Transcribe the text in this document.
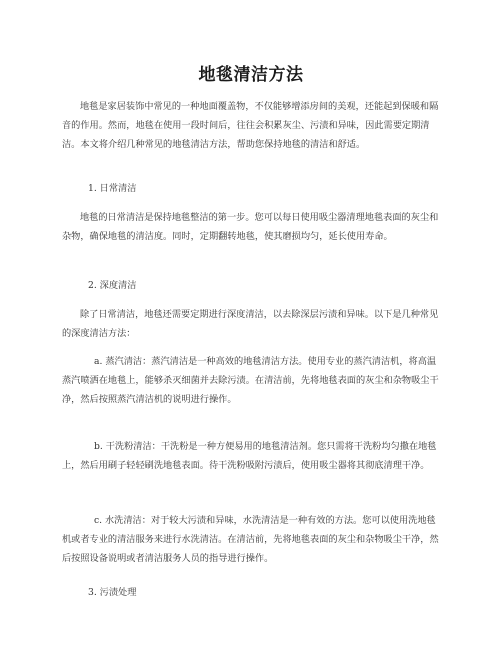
地毯清洁方法
地毯是家居装饰中常见的一种地面覆盖物，不仅能够增添房间的美观，还能起到保暖和隔音的作用。然而，地毯在使用一段时间后，往往会积累灰尘、污渍和异味，因此需要定期清洁。本文将介绍几种常见的地毯清洁方法，帮助您保持地毯的清洁和舒适。
1. 日常清洁
地毯的日常清洁是保持地毯整洁的第一步。您可以每日使用吸尘器清理地毯表面的灰尘和杂物，确保地毯的清洁度。同时，定期翻转地毯，使其磨损均匀，延长使用寿命。
2. 深度清洁
除了日常清洁，地毯还需要定期进行深度清洁，以去除深层污渍和异味。以下是几种常见的深度清洁方法：
a. 蒸汽清洁：蒸汽清洁是一种高效的地毯清洁方法。使用专业的蒸汽清洁机，将高温蒸汽喷洒在地毯上，能够杀灭细菌并去除污渍。在清洁前，先将地毯表面的灰尘和杂物吸尘干净，然后按照蒸汽清洁机的说明进行操作。
b. 干洗粉清洁：干洗粉是一种方便易用的地毯清洁剂。您只需将干洗粉均匀撒在地毯上，然后用刷子轻轻刷洗地毯表面。待干洗粉吸附污渍后，使用吸尘器将其彻底清理干净。
c. 水洗清洁：对于较大污渍和异味，水洗清洁是一种有效的方法。您可以使用洗地毯机或者专业的清洁服务来进行水洗清洁。在清洁前，先将地毯表面的灰尘和杂物吸尘干净，然后按照设备说明或者清洁服务人员的指导进行操作。
3. 污渍处理
